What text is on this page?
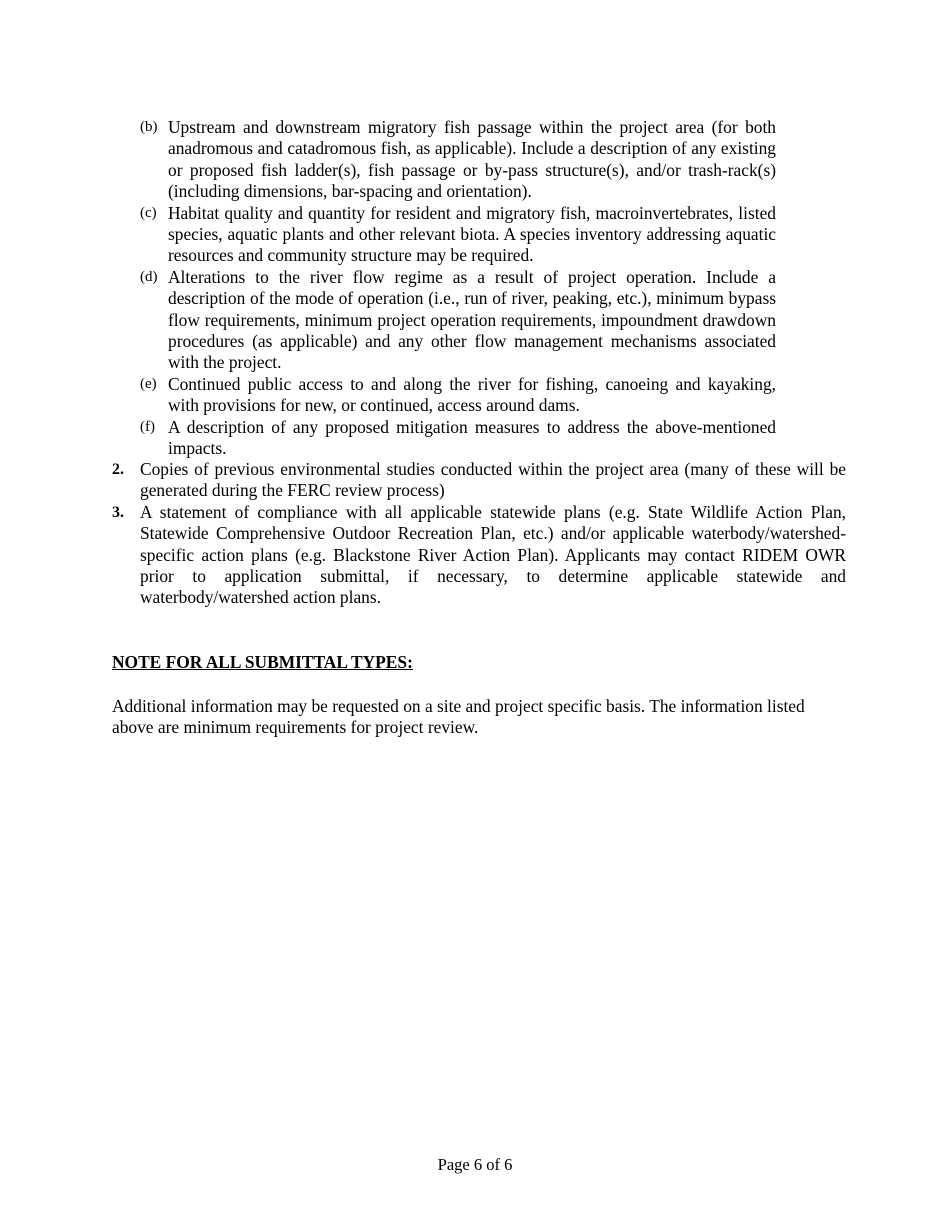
(b) Upstream and downstream migratory fish passage within the project area (for both anadromous and catadromous fish, as applicable). Include a description of any existing or proposed fish ladder(s), fish passage or by-pass structure(s), and/or trash-rack(s) (including dimensions, bar-spacing and orientation).
(c) Habitat quality and quantity for resident and migratory fish, macroinvertebrates, listed species, aquatic plants and other relevant biota. A species inventory addressing aquatic resources and community structure may be required.
(d) Alterations to the river flow regime as a result of project operation. Include a description of the mode of operation (i.e., run of river, peaking, etc.), minimum bypass flow requirements, minimum project operation requirements, impoundment drawdown procedures (as applicable) and any other flow management mechanisms associated with the project.
(e) Continued public access to and along the river for fishing, canoeing and kayaking, with provisions for new, or continued, access around dams.
(f) A description of any proposed mitigation measures to address the above-mentioned impacts.
2. Copies of previous environmental studies conducted within the project area (many of these will be generated during the FERC review process)
3. A statement of compliance with all applicable statewide plans (e.g. State Wildlife Action Plan, Statewide Comprehensive Outdoor Recreation Plan, etc.) and/or applicable waterbody/watershed-specific action plans (e.g. Blackstone River Action Plan). Applicants may contact RIDEM OWR prior to application submittal, if necessary, to determine applicable statewide and waterbody/watershed action plans.
NOTE FOR ALL SUBMITTAL TYPES:
Additional information may be requested on a site and project specific basis. The information listed above are minimum requirements for project review.
Page 6 of 6
